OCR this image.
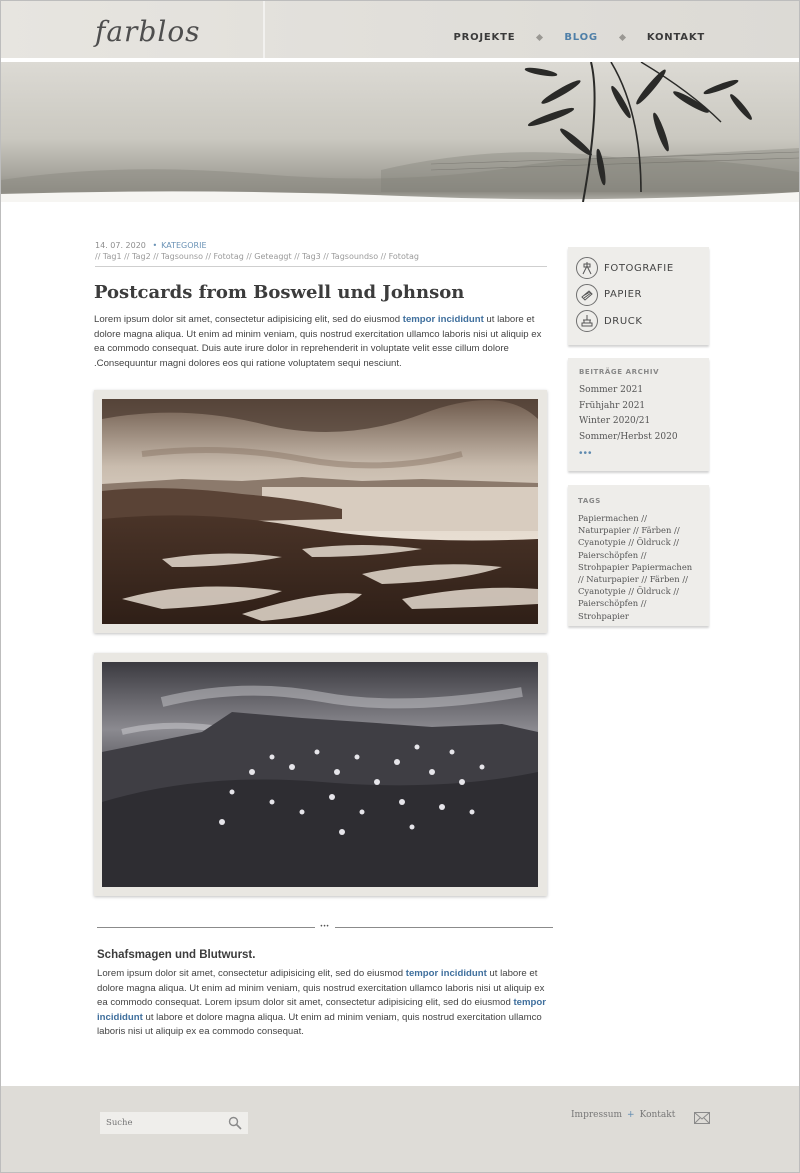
farblos	PROJEKTE	BLOG	KONTAKT
14. 07. 2020 • KATEGORIE
// Tag1 // Tag2 // Tagsounso // Fototag // Geteaggt // Tag3 // Tagsoundso // Fototag
Postcards from Boswell und Johnson

Lorem ipsum dolor sit amet, consectetur adipisicing elit, sed do eiusmod tempor incididunt ut labore et dolore magna aliqua. Ut enim ad minim veniam, quis nostrud exercitation ullamco laboris nisi ut aliquip ex ea commodo consequat. Duis aute irure dolor in reprehenderit in voluptate velit esse cillum dolore .Consequuntur magni dolores eos qui ratione voluptatem sequi nesciunt.

•••
Schafsmagen und Blutwurst.

Lorem ipsum dolor sit amet, consectetur adipisicing elit, sed do eiusmod tempor incididunt ut labore et dolore magna aliqua. Ut enim ad minim veniam, quis nostrud exercitation ullamco laboris nisi ut aliquip ex ea commodo consequat. Lorem ipsum dolor sit amet, consectetur adipisicing elit, sed do eiusmod tempor incididunt ut labore et dolore magna aliqua. Ut enim ad minim veniam, quis nostrud exercitation ullamco laboris nisi ut aliquip ex ea commodo consequat.

FOTOGRAFIE
PAPIER
DRUCK
BEITRÄGE ARCHIV
Sommer 2021
Frühjahr 2021
Winter 2020/21
Sommer/Herbst 2020
•••
TAGS
Papiermachen // Naturpapier // Färben // Cyanotypie // Öldruck // Paierschöpfen // Strohpapier Papiermachen // Naturpapier // Färben // Cyanotypie // Öldruck // Paierschöpfen // Strohpapier
Suche
Impressum + Kontakt
